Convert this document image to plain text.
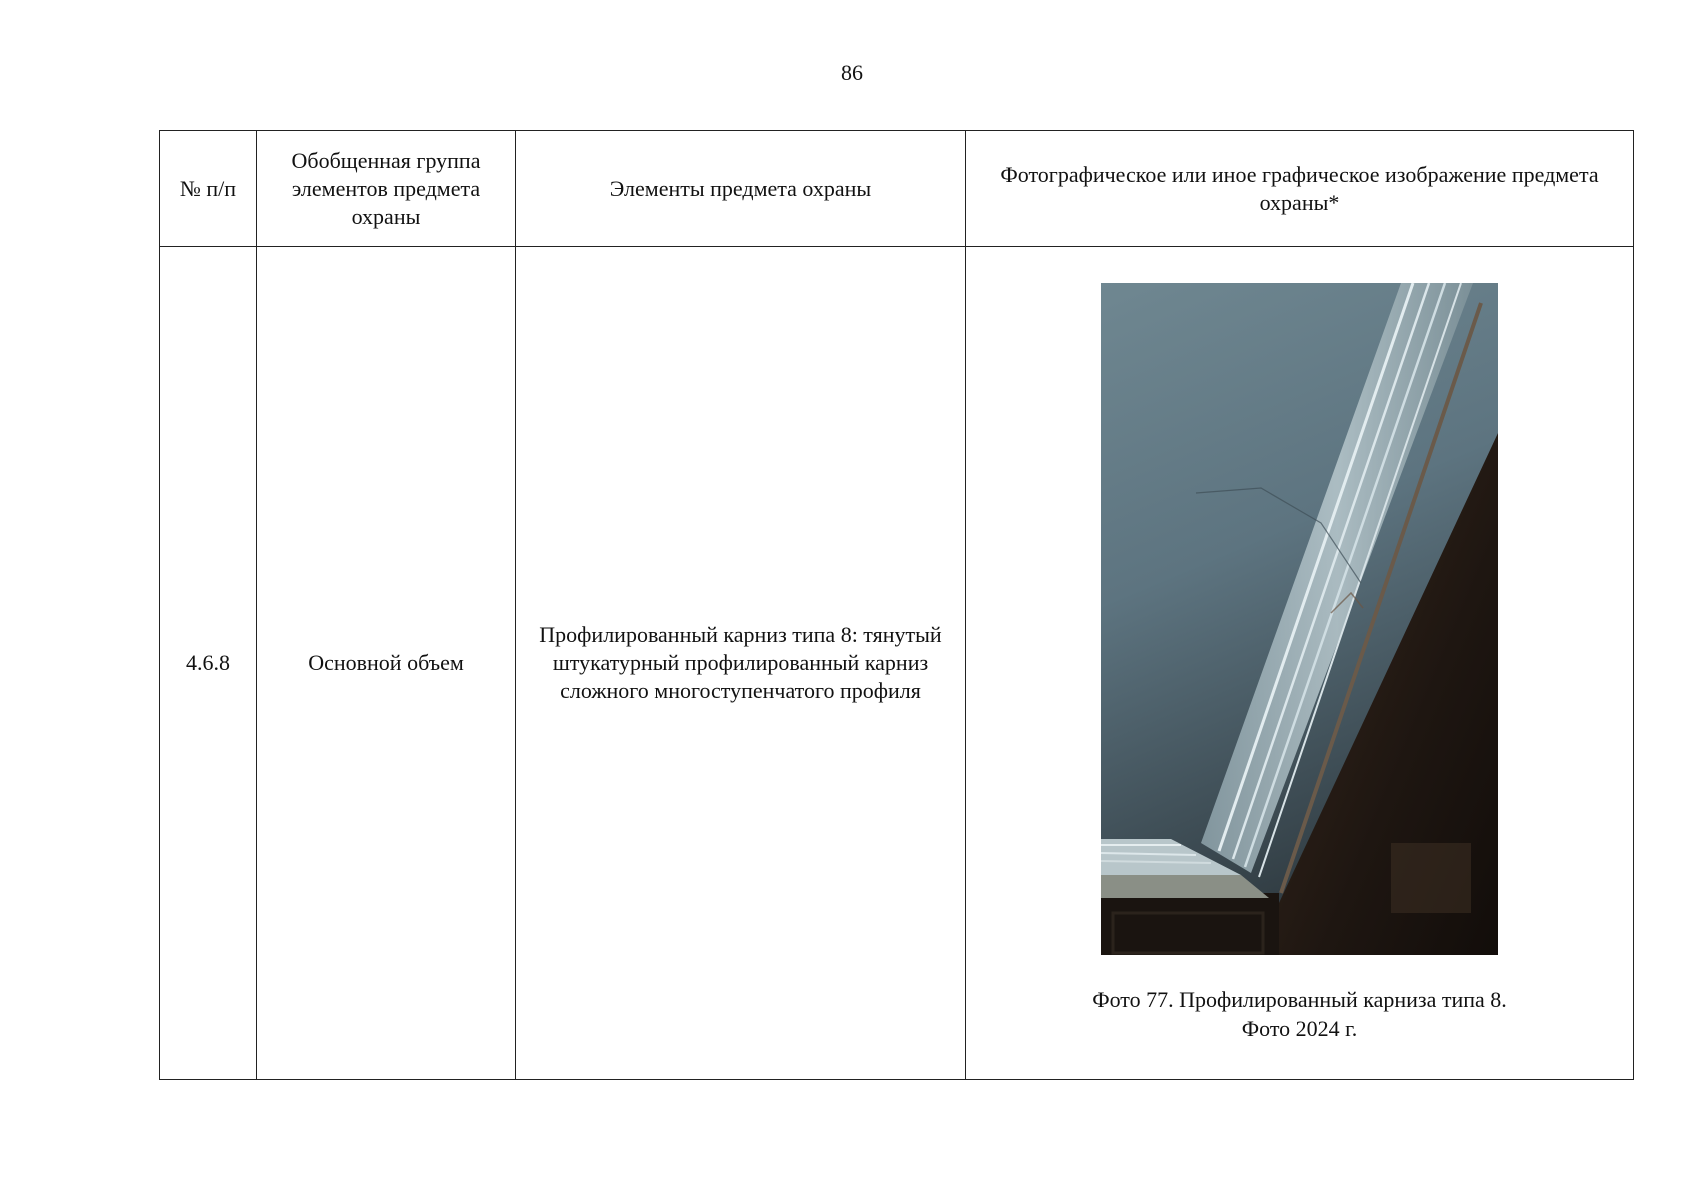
86
№ п/п	Обобщенная группа элементов предмета охраны	Элементы предмета охраны	Фотографическое или иное графическое изображение предмета охраны*
4.6.8	Основной объем	Профилированный карниз типа 8: тянутый штукатурный профилированный карниз сложного многоступенчатого профиля	Фото 77. Профилированный карниза типа 8.
Фото 2024 г.
